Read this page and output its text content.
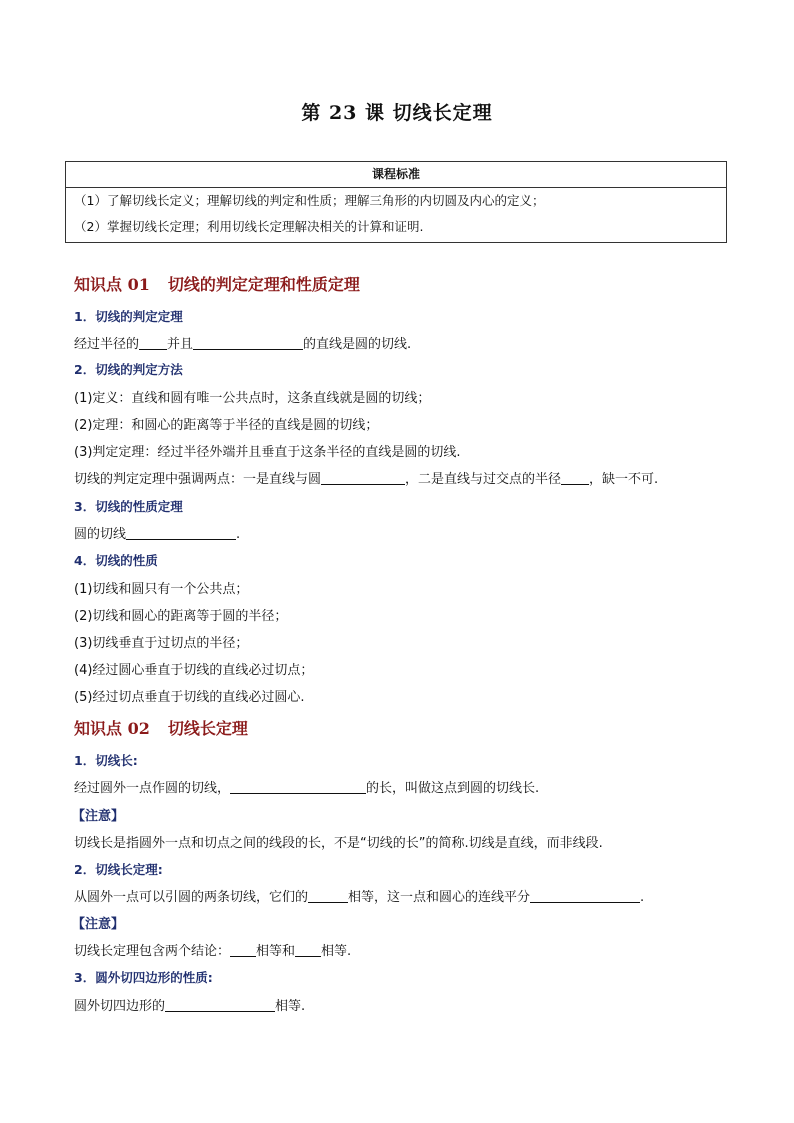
第 23 课 切线长定理
课程标准
（1）了解切线长定义；理解切线的判定和性质；理解三角形的内切圆及内心的定义；
（2）掌握切线长定理；利用切线长定理解决相关的计算和证明.
知识点 01 切线的判定定理和性质定理
1．切线的判定定理
经过半径的 并且	的直线是圆的切线.
2．切线的判定方法
(1)定义：直线和圆有唯一公共点时，这条直线就是圆的切线；
(2)定理：和圆心的距离等于半径的直线是圆的切线；
(3)判定定理：经过半径外端并且垂直于这条半径的直线是圆的切线.
切线的判定定理中强调两点：一是直线与圆	，二是直线与过交点的半径 ，缺一不可.
3．切线的性质定理
圆的切线	.
4．切线的性质
(1)切线和圆只有一个公共点；
(2)切线和圆心的距离等于圆的半径；
(3)切线垂直于过切点的半径；
(4)经过圆心垂直于切线的直线必过切点；
(5)经过切点垂直于切线的直线必过圆心.
知识点 02 切线长定理
1．切线长:
经过圆外一点作圆的切线，	的长，叫做这点到圆的切线长.
【注意】
切线长是指圆外一点和切点之间的线段的长，不是“切线的长”的简称.切线是直线，而非线段.
2．切线长定理:
从圆外一点可以引圆的两条切线，它们的	相等，这一点和圆心的连线平分	.
【注意】
切线长定理包含两个结论： 相等和 相等.
3．圆外切四边形的性质:
圆外切四边形的	相等.
